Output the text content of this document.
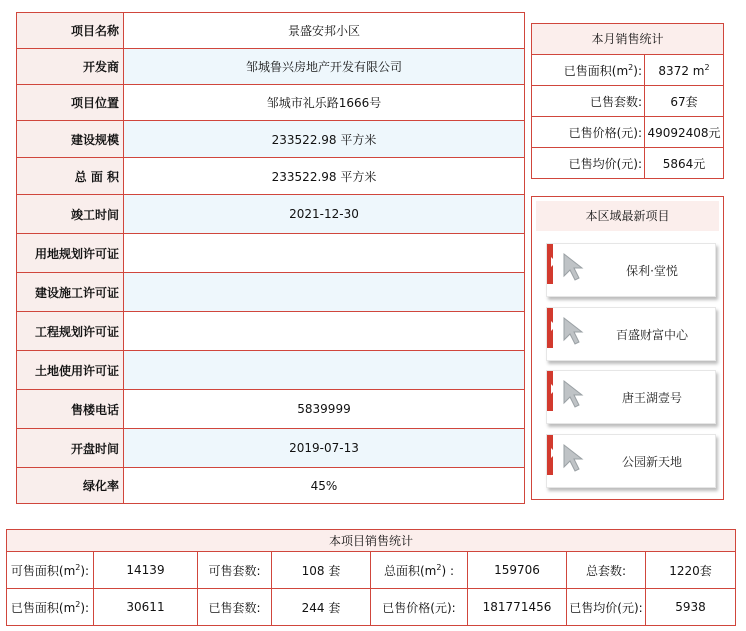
项目名称	景盛安邦小区
开发商	邹城鲁兴房地产开发有限公司
项目位置	邹城市礼乐路1666号
建设规模	233522.98 平方米
总 面 积	233522.98 平方米
竣工时间	2021-12-30
用地规划许可证	
建设施工许可证	
工程规划许可证	
土地使用许可证	
售楼电话	5839999
开盘时间	2019-07-13
绿化率	45%
本月销售统计
已售面积$(m^2)$:	8372 $m^2$
已售套数:	67套
已售价格(元):	49092408元
已售均价(元):	5864元
本区域最新项目
保利·堂悦
百盛财富中心
唐王湖壹号
公园新天地
本项目销售统计							
可售面积$(m^2)$:	14139	可售套数:	108 套	总面积$(m^2)$ :	159706	总套数:	1220套
已售面积$(m^2)$:	30611	已售套数:	244 套	已售价格(元):	181771456	已售均价(元):	5938
